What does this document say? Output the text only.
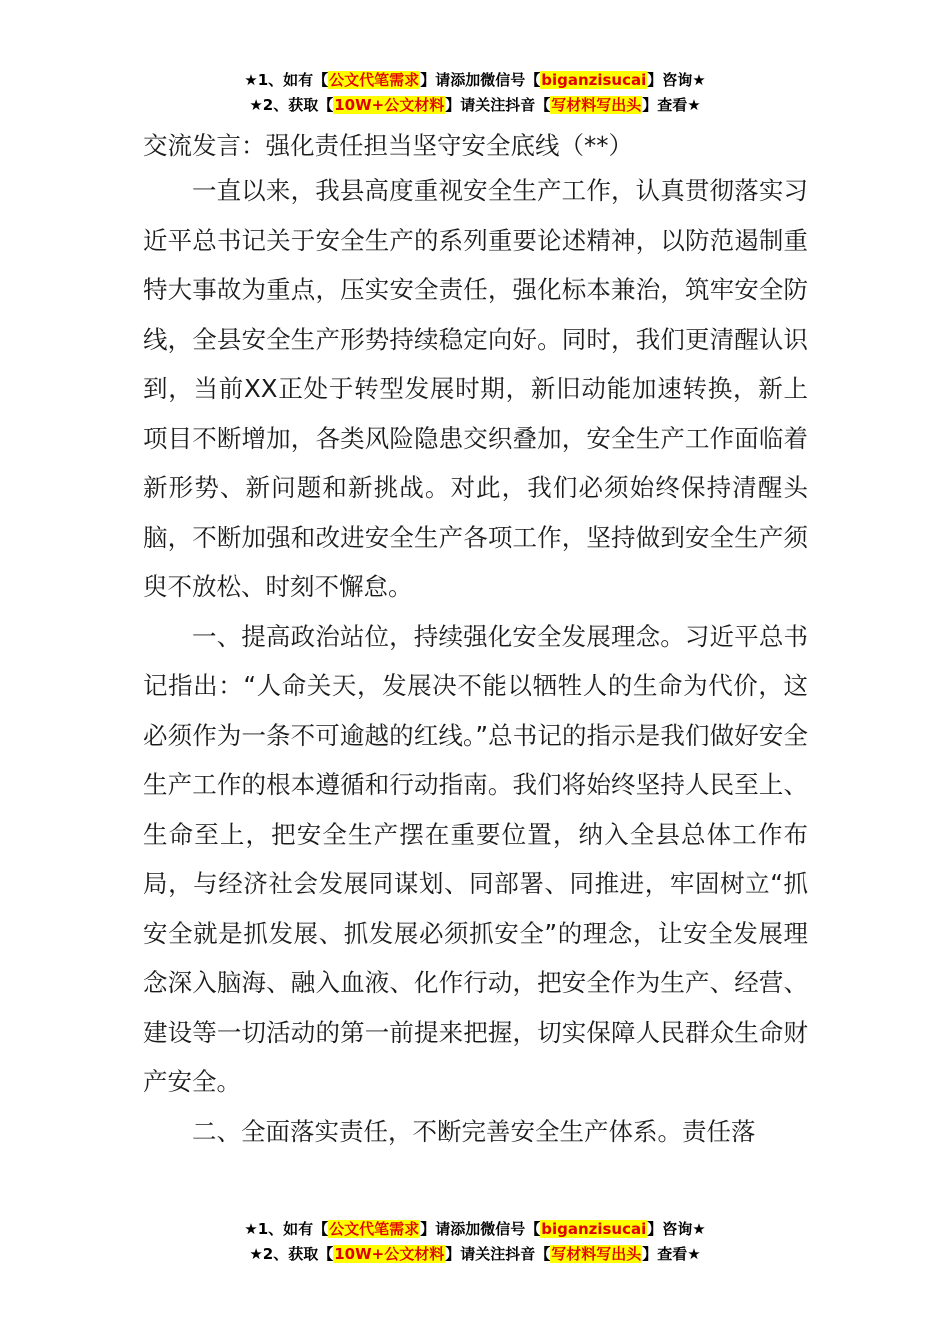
★1、如有【公文代笔需求】请添加微信号【biganzisucai】咨询★
★2、获取【10W+公文材料】请关注抖音【写材料写出头】查看★
交流发言：强化责任担当坚守安全底线（**）

一直以来，我县高度重视安全生产工作，认真贯彻落实习近平总书记关于安全生产的系列重要论述精神，以防范遏制重特大事故为重点，压实安全责任，强化标本兼治，筑牢安全防线，全县安全生产形势持续稳定向好。同时，我们更清醒认识到，当前XX正处于转型发展时期，新旧动能加速转换，新上项目不断增加，各类风险隐患交织叠加，安全生产工作面临着新形势、新问题和新挑战。对此，我们必须始终保持清醒头脑，不断加强和改进安全生产各项工作，坚持做到安全生产须臾不放松、时刻不懈怠。

一、提高政治站位，持续强化安全发展理念。习近平总书记指出：“人命关天，发展决不能以牺牲人的生命为代价，这必须作为一条不可逾越的红线。”总书记的指示是我们做好安全生产工作的根本遵循和行动指南。我们将始终坚持人民至上、生命至上，把安全生产摆在重要位置，纳入全县总体工作布局，与经济社会发展同谋划、同部署、同推进，牢固树立“抓安全就是抓发展、抓发展必须抓安全”的理念，让安全发展理念深入脑海、融入血液、化作行动，把安全作为生产、经营、建设等一切活动的第一前提来把握，切实保障人民群众生命财产安全。

二、全面落实责任，不断完善安全生产体系。责任落

★1、如有【公文代笔需求】请添加微信号【biganzisucai】咨询★
★2、获取【10W+公文材料】请关注抖音【写材料写出头】查看★
